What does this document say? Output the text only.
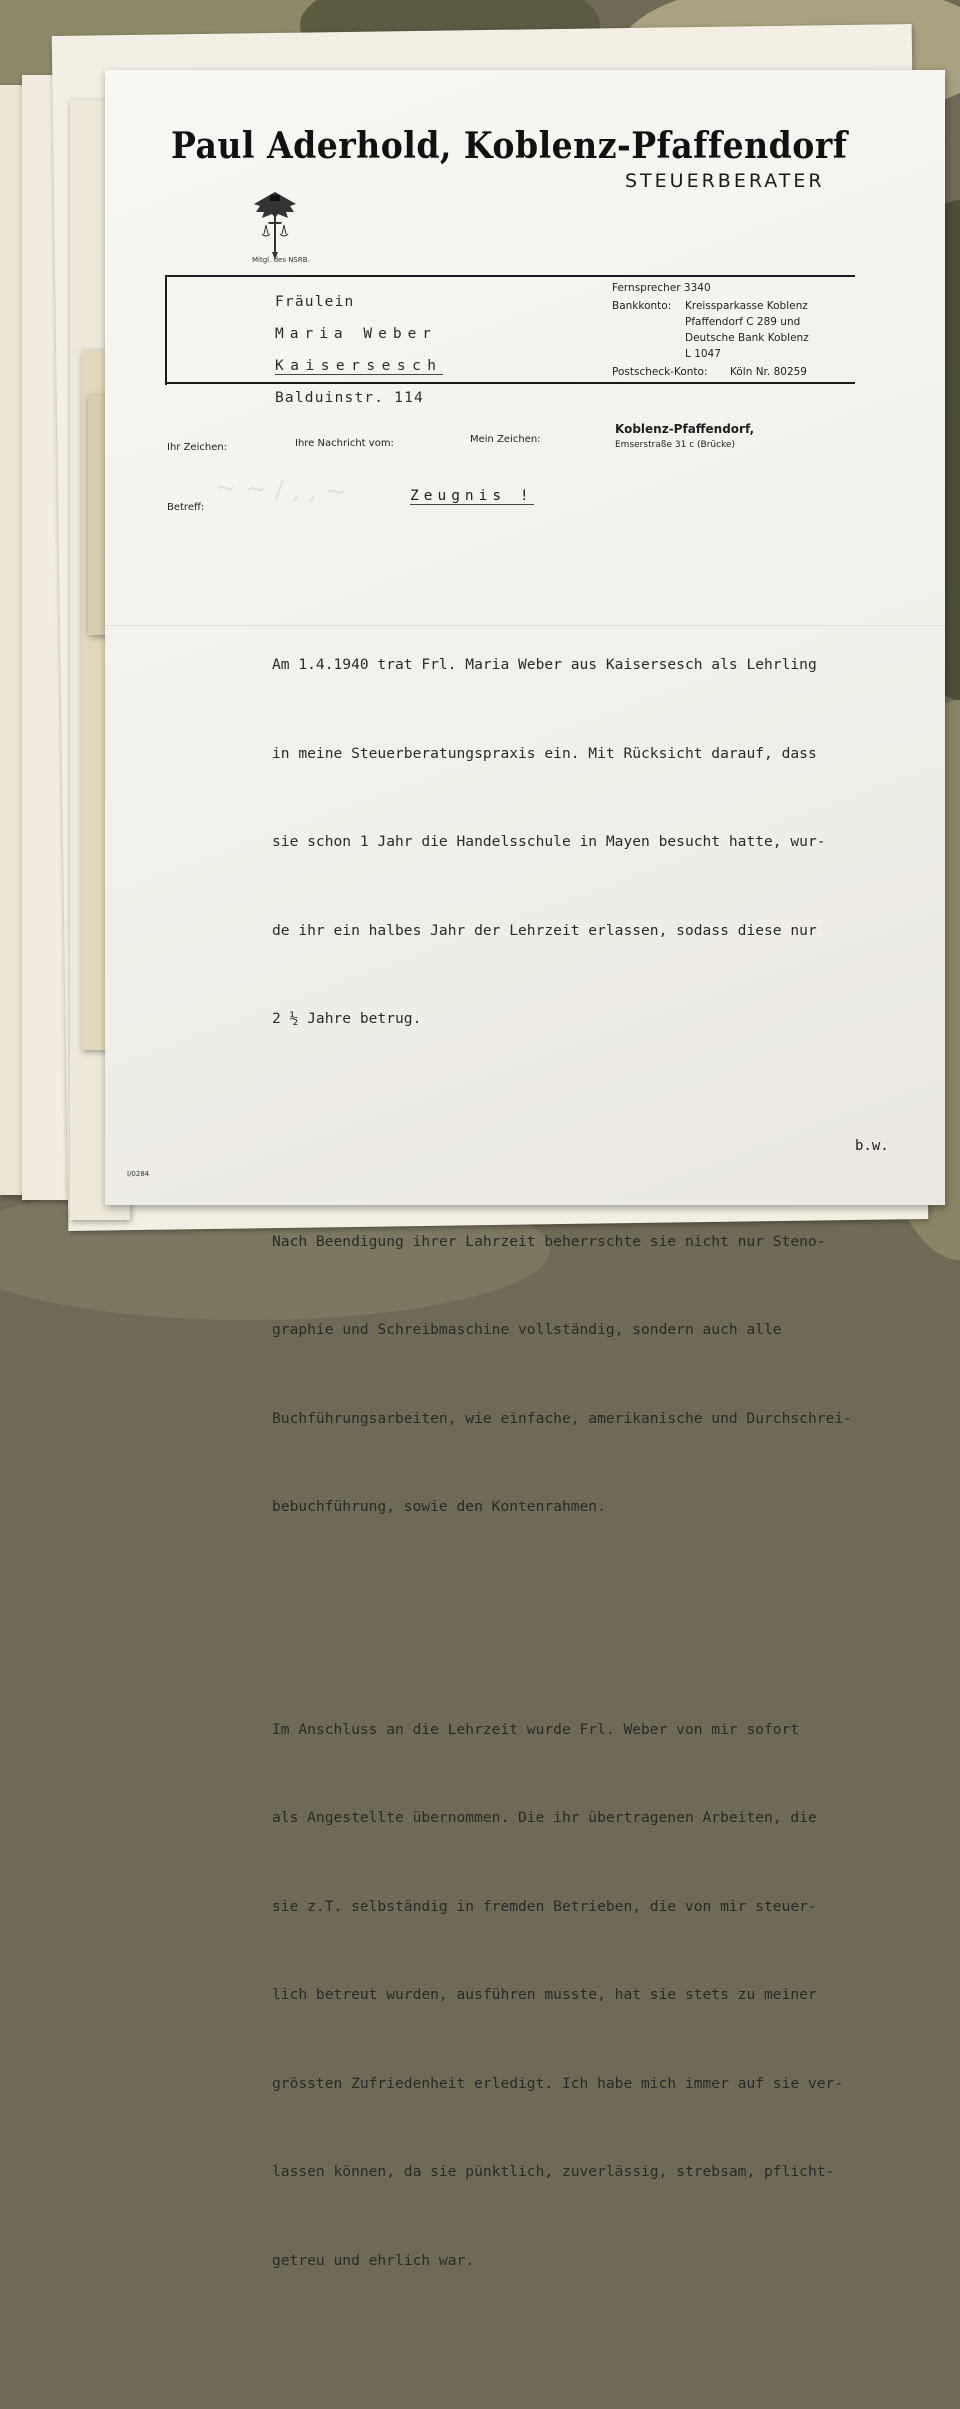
Paul Aderhold, Koblenz-Pfaffendorf
STEUERBERATER
Mitgl. des NSRB.
Fernsprecher 3340
Bankkonto: Kreissparkasse Koblenz
Pfaffendorf C 289 und
Deutsche Bank Koblenz
L 1047
Postscheck-Konto: Köln Nr. 80259
Fräulein
Maria Weber
Kaisersesch
Balduinstr. 114
Ihr Zeichen:	Ihre Nachricht vom:	Mein Zeichen:
Betreff:
Koblenz-Pfaffendorf,
Emserstraße 31 c (Brücke)
~ ~ / , , ~	Zeugnis !

Am 1.4.1940 trat Frl. Maria Weber aus Kaisersesch als Lehrling

in meine Steuerberatungspraxis ein. Mit Rücksicht darauf, dass

sie schon 1 Jahr die Handelsschule in Mayen besucht hatte, wur-

de ihr ein halbes Jahr der Lehrzeit erlassen, sodass diese nur

2 ½ Jahre betrug.

Nach Beendigung ihrer Lahrzeit beherrschte sie nicht nur Steno-

graphie und Schreibmaschine vollständig, sondern auch alle

Buchführungsarbeiten, wie einfache, amerikanische und Durchschrei-

bebuchführung, sowie den Kontenrahmen.

Im Anschluss an die Lehrzeit wurde Frl. Weber von mir sofort

als Angestellte übernommen. Die ihr übertragenen Arbeiten, die

sie z.T. selbständig in fremden Betrieben, die von mir steuer-

lich betreut wurden, ausführen musste, hat sie stets zu meiner

grössten Zufriedenheit erledigt. Ich habe mich immer auf sie ver-

lassen können, da sie pünktlich, zuverlässig, strebsam, pflicht-

getreu und ehrlich war.

b.w.
I/0284
